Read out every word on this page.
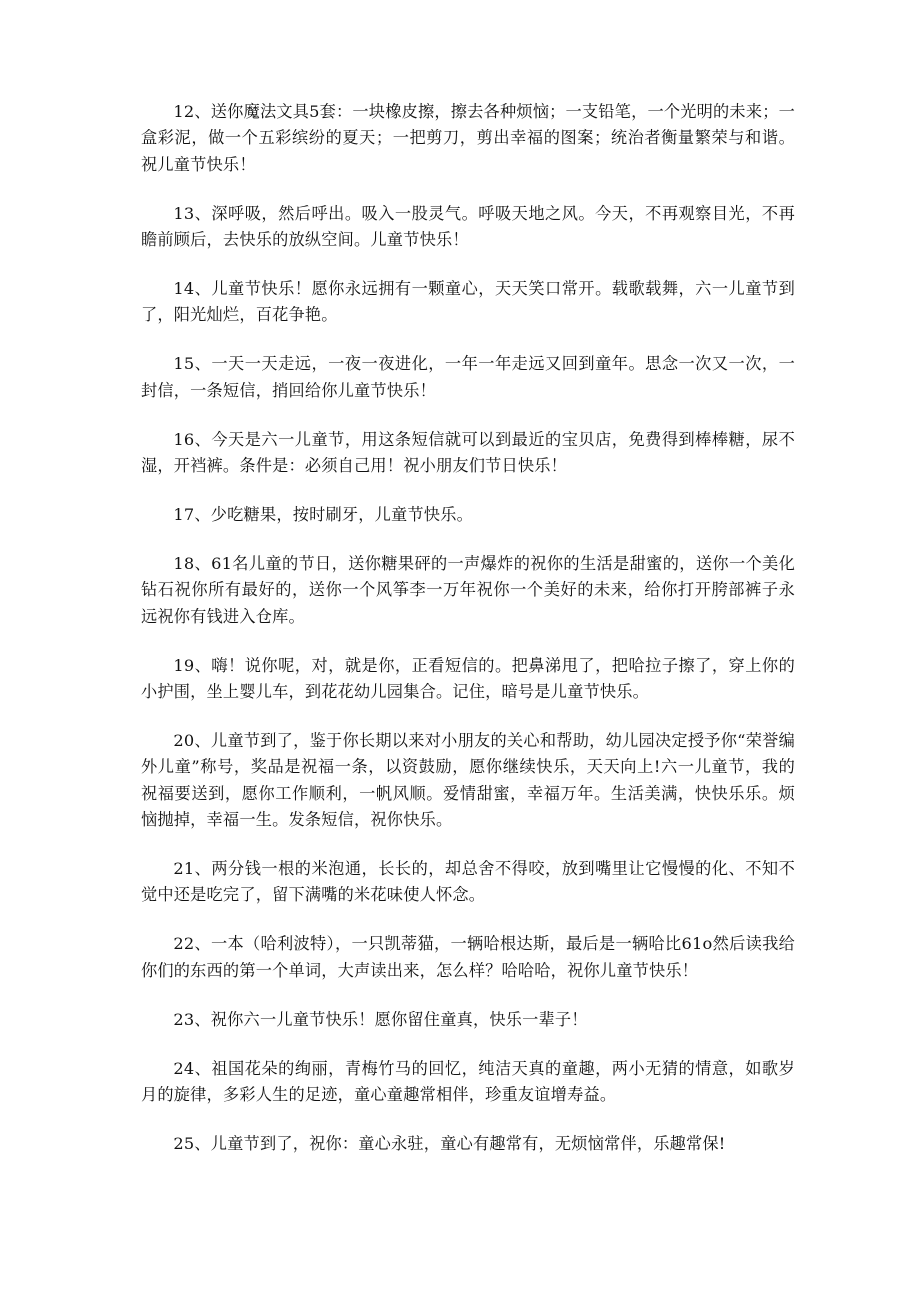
12、送你魔法文具5套：一块橡皮擦，擦去各种烦恼；一支铅笔，一个光明的未来；一盒彩泥，做一个五彩缤纷的夏天；一把剪刀，剪出幸福的图案；统治者衡量繁荣与和谐。祝儿童节快乐！

13、深呼吸，然后呼出。吸入一股灵气。呼吸天地之风。今天，不再观察目光，不再瞻前顾后，去快乐的放纵空间。儿童节快乐！

14、儿童节快乐！愿你永远拥有一颗童心，天天笑口常开。载歌载舞，六一儿童节到了，阳光灿烂，百花争艳。

15、一天一天走远，一夜一夜进化，一年一年走远又回到童年。思念一次又一次，一封信，一条短信，捎回给你儿童节快乐！

16、今天是六一儿童节，用这条短信就可以到最近的宝贝店，免费得到棒棒糖，尿不湿，开裆裤。条件是：必须自己用！祝小朋友们节日快乐！

17、少吃糖果，按时刷牙，儿童节快乐。

18、61名儿童的节日，送你糖果砰的一声爆炸的祝你的生活是甜蜜的，送你一个美化钻石祝你所有最好的，送你一个风筝李一万年祝你一个美好的未来，给你打开胯部裤子永远祝你有钱进入仓库。

19、嗨！说你呢，对，就是你，正看短信的。把鼻涕甩了，把哈拉子擦了，穿上你的小护围，坐上婴儿车，到花花幼儿园集合。记住，暗号是儿童节快乐。

20、儿童节到了，鉴于你长期以来对小朋友的关心和帮助，幼儿园决定授予你“荣誉编外儿童”称号，奖品是祝福一条，以资鼓励，愿你继续快乐，天天向上!六一儿童节，我的祝福要送到，愿你工作顺利，一帆风顺。爱情甜蜜，幸福万年。生活美满，快快乐乐。烦恼抛掉，幸福一生。发条短信，祝你快乐。

21、两分钱一根的米泡通，长长的，却总舍不得咬，放到嘴里让它慢慢的化、不知不觉中还是吃完了，留下满嘴的米花味使人怀念。

22、一本（哈利波特），一只凯蒂猫，一辆哈根达斯，最后是一辆哈比61o然后读我给你们的东西的第一个单词，大声读出来，怎么样？哈哈哈，祝你儿童节快乐！

23、祝你六一儿童节快乐！愿你留住童真，快乐一辈子！

24、祖国花朵的绚丽，青梅竹马的回忆，纯洁天真的童趣，两小无猜的情意，如歌岁月的旋律，多彩人生的足迹，童心童趣常相伴，珍重友谊增寿益。

25、儿童节到了，祝你：童心永驻，童心有趣常有，无烦恼常伴，乐趣常保!
